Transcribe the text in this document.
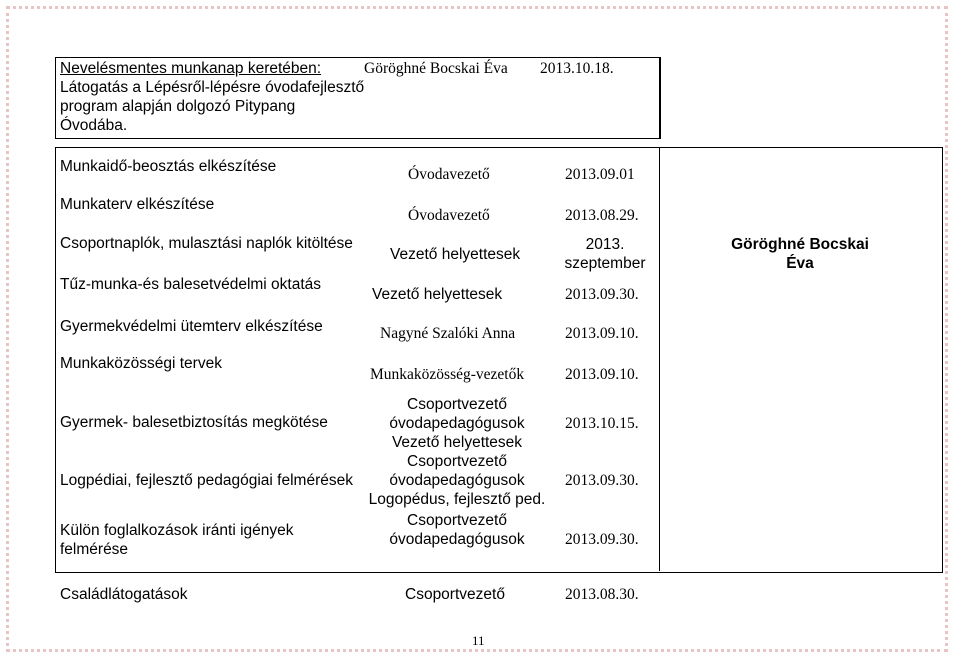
Nevelésmentes munkanap keretében:
Látogatás a Lépésről-lépésre óvodafejlesztő
program alapján dolgozó Pitypang
Óvodába.
Göröghné Bocskai Éva 2013.10.18.
Munkaidő-beosztás elkészítése
Munkaterv elkészítése
Csoportnaplók, mulasztási naplók kitöltése
Tűz-munka-és balesetvédelmi oktatás
Gyermekvédelmi ütemterv elkészítése
Munkaközösségi tervek
Gyermek- balesetbiztosítás megkötése
Logpédiai, fejlesztő pedagógiai felmérések
Külön foglalkozások iránti igények
felmérése
Óvodavezető
Óvodavezető
Vezető helyettesek
Vezető helyettesek
Nagyné Szalóki Anna
Munkaközösség-vezetők
Csoportvezető
óvodapedagógusok
Vezető helyettesek
Csoportvezető
óvodapedagógusok
Logopédus, fejlesztő ped.
Csoportvezető
óvodapedagógusok
2013.09.01
2013.08.29.
2013.
szeptember
2013.09.30.
2013.09.10.
2013.09.10.
2013.10.15.
2013.09.30.
2013.09.30.
Göröghné Bocskai
Éva
Családlátogatások	Csoportvezető	2013.08.30.
11
